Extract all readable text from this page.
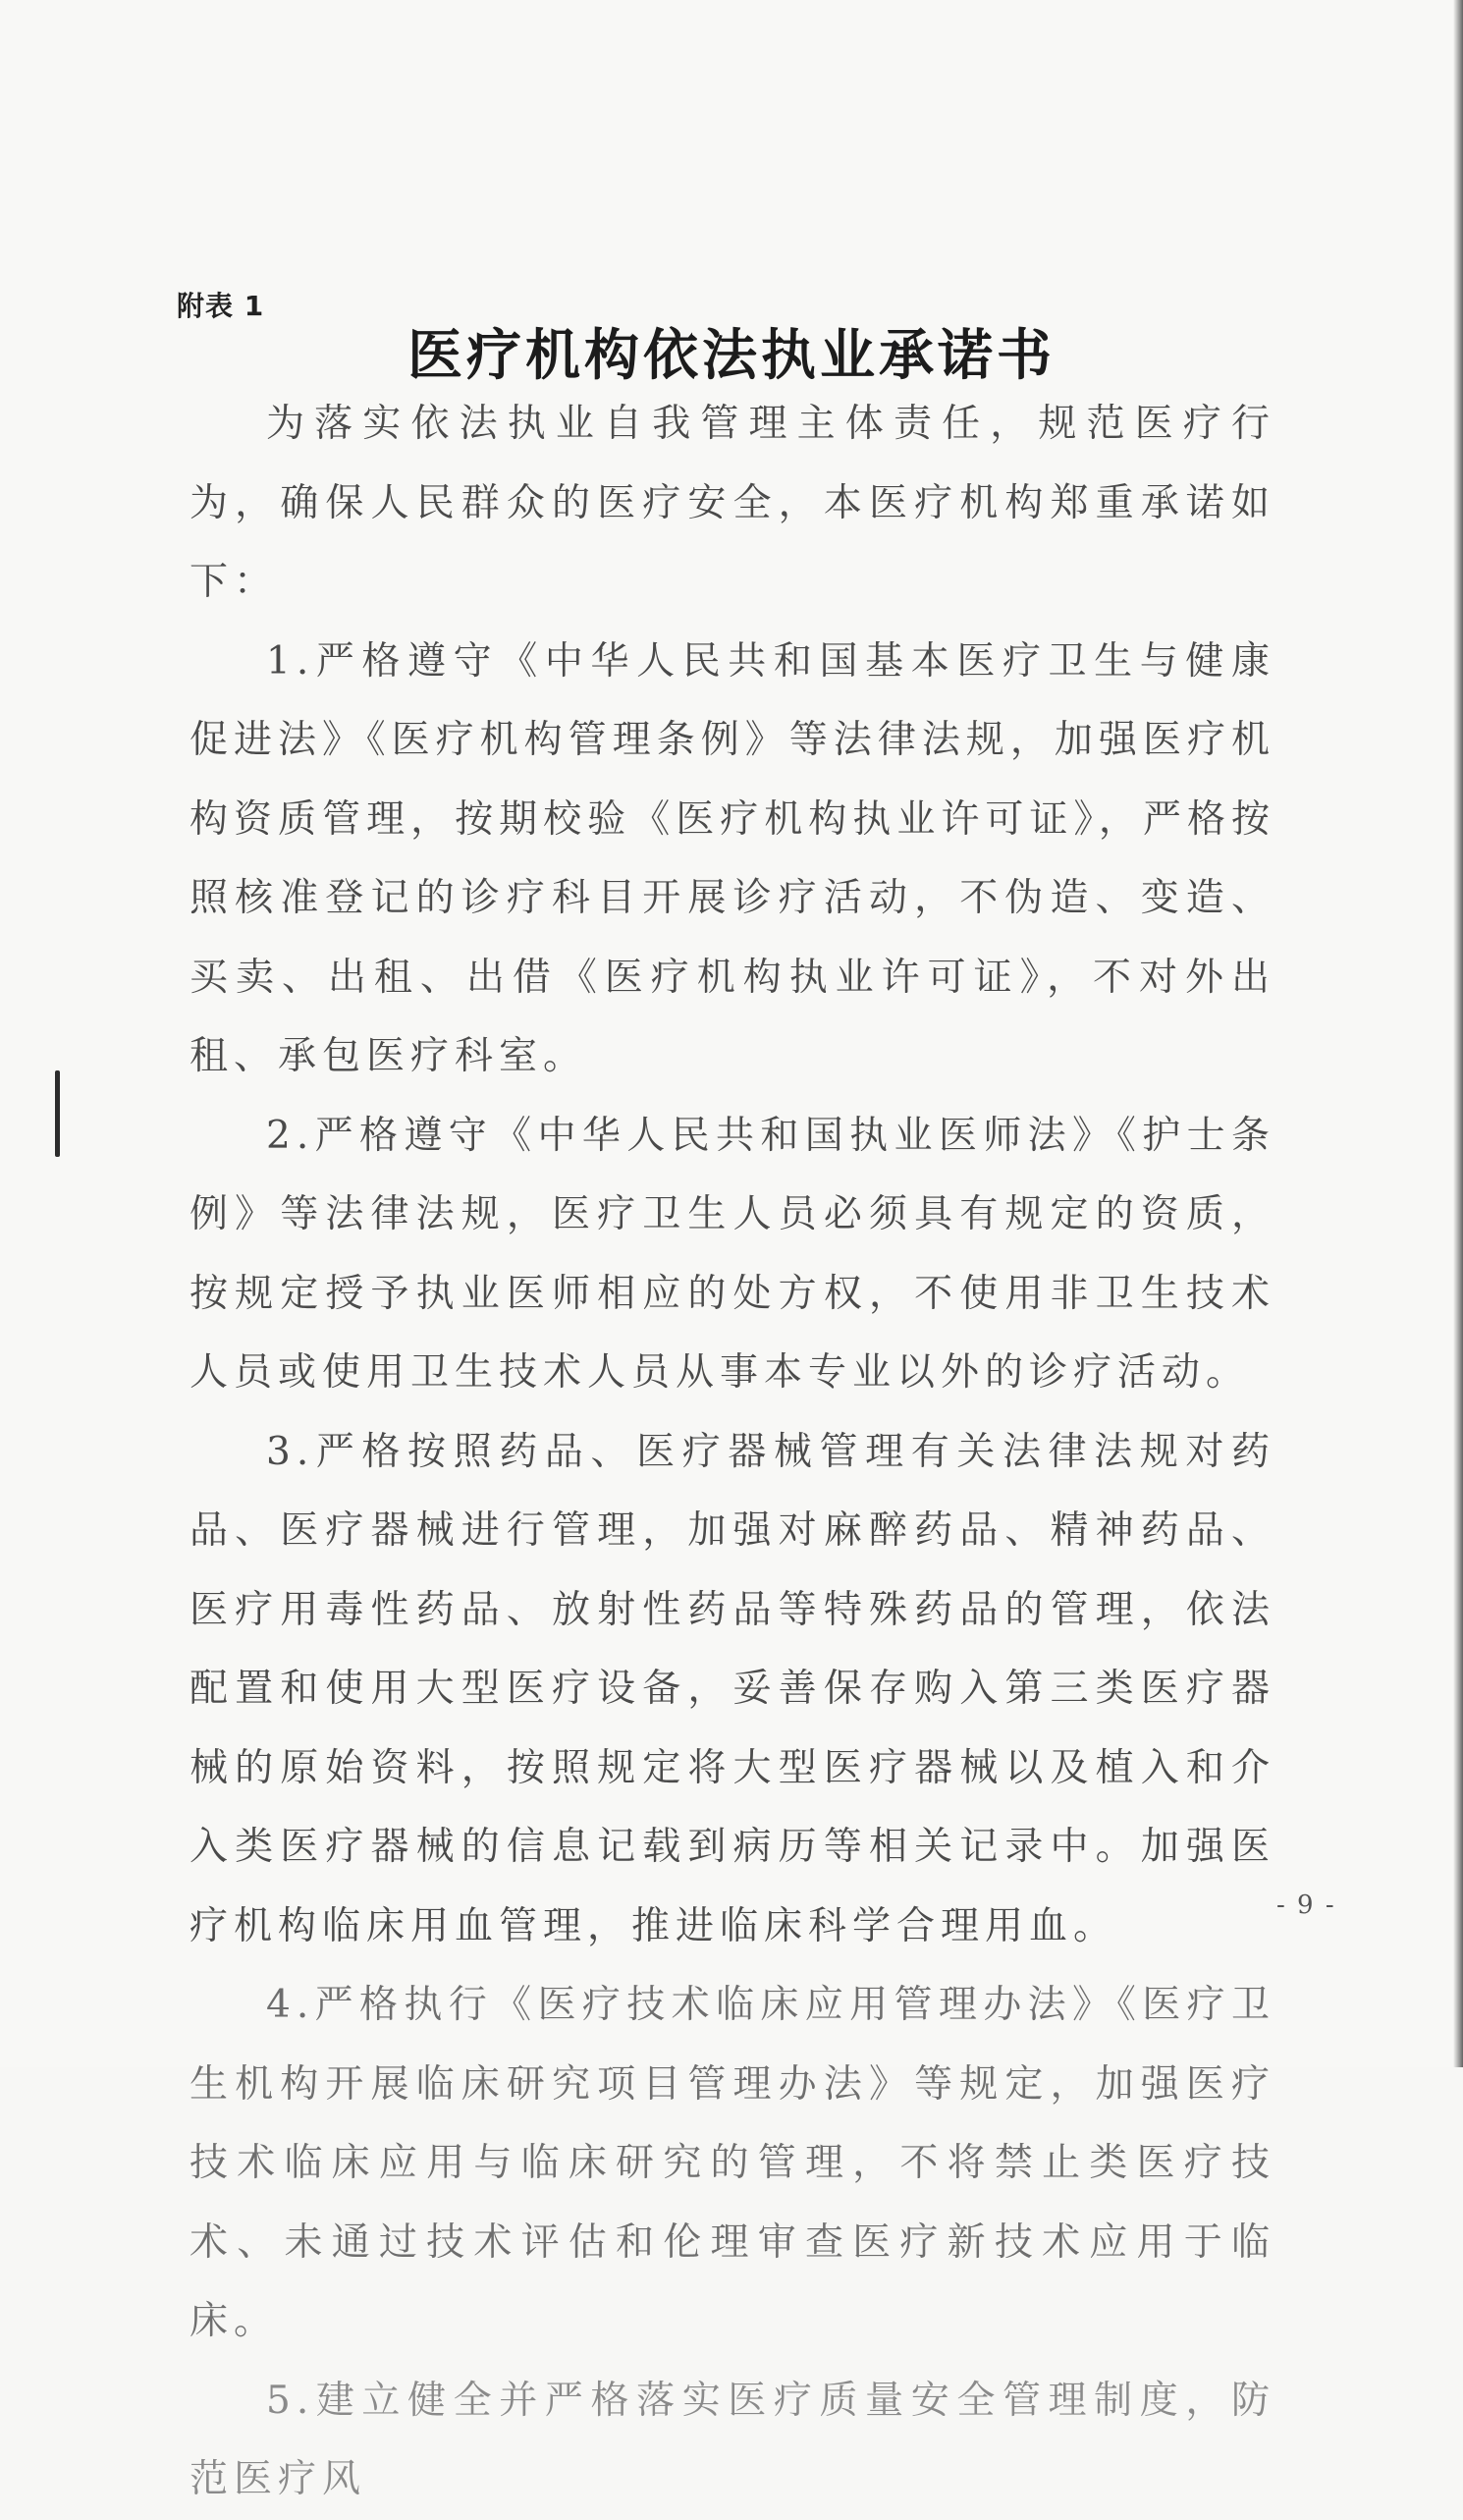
附表 1
医疗机构依法执业承诺书

为落实依法执业自我管理主体责任，规范医疗行为，确保人民群众的医疗安全，本医疗机构郑重承诺如下：

1.严格遵守《中华人民共和国基本医疗卫生与健康促进法》《医疗机构管理条例》等法律法规，加强医疗机构资质管理，按期校验《医疗机构执业许可证》，严格按照核准登记的诊疗科目开展诊疗活动，不伪造、变造、买卖、出租、出借《医疗机构执业许可证》，不对外出租、承包医疗科室。

2.严格遵守《中华人民共和国执业医师法》《护士条例》等法律法规，医疗卫生人员必须具有规定的资质，按规定授予执业医师相应的处方权，不使用非卫生技术人员或使用卫生技术人员从事本专业以外的诊疗活动。

3.严格按照药品、医疗器械管理有关法律法规对药品、医疗器械进行管理，加强对麻醉药品、精神药品、医疗用毒性药品、放射性药品等特殊药品的管理，依法配置和使用大型医疗设备，妥善保存购入第三类医疗器械的原始资料，按照规定将大型医疗器械以及植入和介入类医疗器械的信息记载到病历等相关记录中。加强医疗机构临床用血管理，推进临床科学合理用血。

4.严格执行《医疗技术临床应用管理办法》《医疗卫生机构开展临床研究项目管理办法》等规定，加强医疗技术临床应用与临床研究的管理，不将禁止类医疗技术、未通过技术评估和伦理审查医疗新技术应用于临床。

5.建立健全并严格落实医疗质量安全管理制度，防范医疗风

- 9 -
